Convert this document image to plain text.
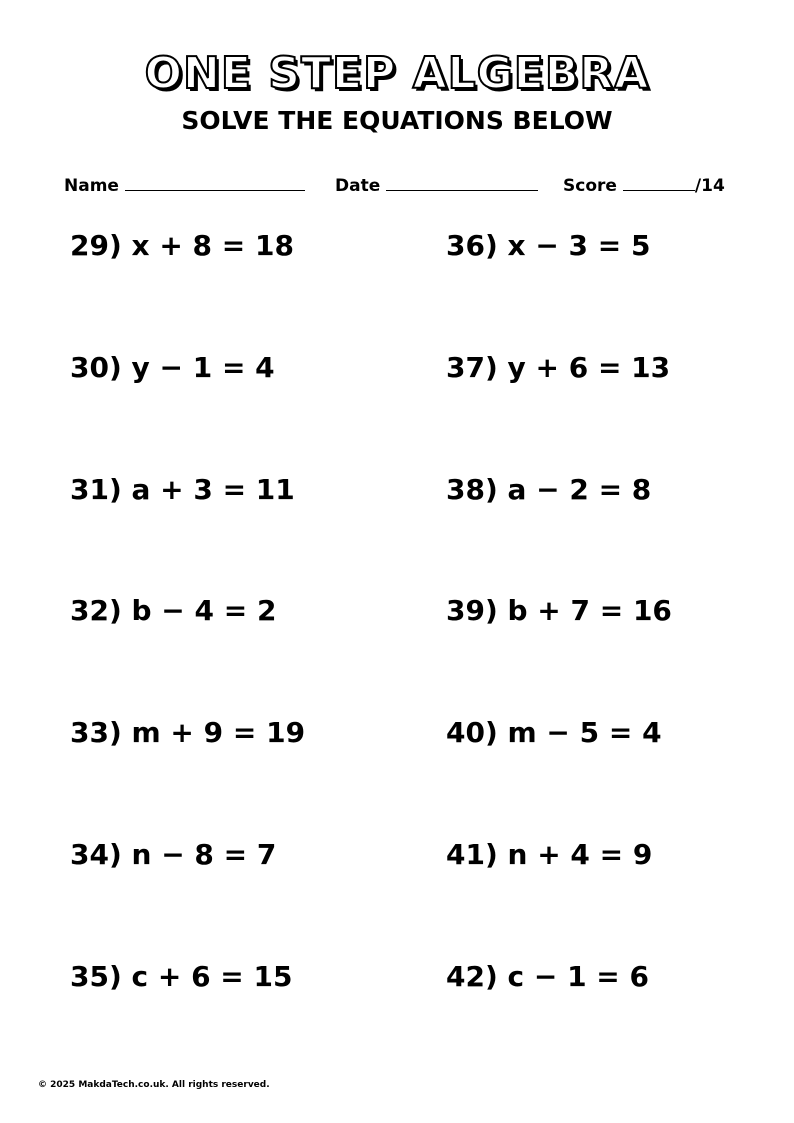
ONE STEP ALGEBRA
SOLVE THE EQUATIONS BELOW
Name	Date	Score	/14
29) x + 8 = 18
30) y − 1 = 4
31) a + 3 = 11
32) b − 4 = 2
33) m + 9 = 19
34) n − 8 = 7
35) c + 6 = 15
36) x − 3 = 5
37) y + 6 = 13
38) a − 2 = 8
39) b + 7 = 16
40) m − 5 = 4
41) n + 4 = 9
42) c − 1 = 6
© 2025 MakdaTech.co.uk. All rights reserved.
